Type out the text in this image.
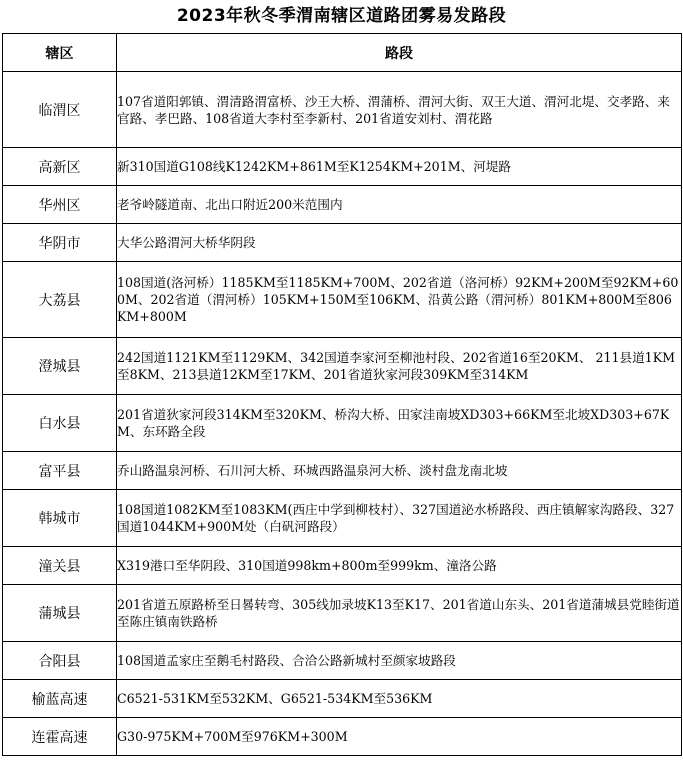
2023年秋冬季渭南辖区道路团雾易发路段
辖区	路段
临渭区	107省道阳郭镇、渭清路渭富桥、沙王大桥、渭蒲桥、渭河大街、双王大道、渭河北堤、交孝路、来官路、孝巴路、108省道大李村至李新村、201省道安刘村、渭花路
高新区	新310国道G108线K1242KM+861M至K1254KM+201M、河堤路
华州区	老爷岭隧道南、北出口附近200米范围内
华阴市	大华公路渭河大桥华阴段
大荔县	108国道(洛河桥）1185KM至1185KM+700M、202省道（洛河桥）92KM+200M至92KM+600M、202省道（渭河桥）105KM+150M至106KM、沿黄公路（渭河桥）801KM+800M至806KM+800M
澄城县	242国道1121KM至1129KM、342国道李家河至柳池村段、202省道16至20KM、 211县道1KM至8KM、213县道12KM至17KM、201省道狄家河段309KM至314KM
白水县	201省道狄家河段314KM至320KM、桥沟大桥、田家洼南坡XD303+66KM至北坡XD303+67KM、东环路全段
富平县	乔山路温泉河桥、石川河大桥、环城西路温泉河大桥、淡村盘龙南北坡
韩城市	108国道1082KM至1083KM(西庄中学到柳枝村）、327国道泌水桥路段、西庄镇解家沟路段、327国道1044KM+900M处（白矾河路段）
潼关县	X319港口至华阴段、310国道998km+800m至999km、潼洛公路
蒲城县	201省道五原路桥至日晷转弯、305线加录坡K13至K17、201省道山东头、201省道蒲城县党睦街道至陈庄镇南铁路桥
合阳县	108国道孟家庄至鹅毛村路段、合洽公路新城村至颜家坡路段
榆蓝高速	C6521-531KM至532KM、G6521-534KM至536KM
连霍高速	G30-975KM+700M至976KM+300M
